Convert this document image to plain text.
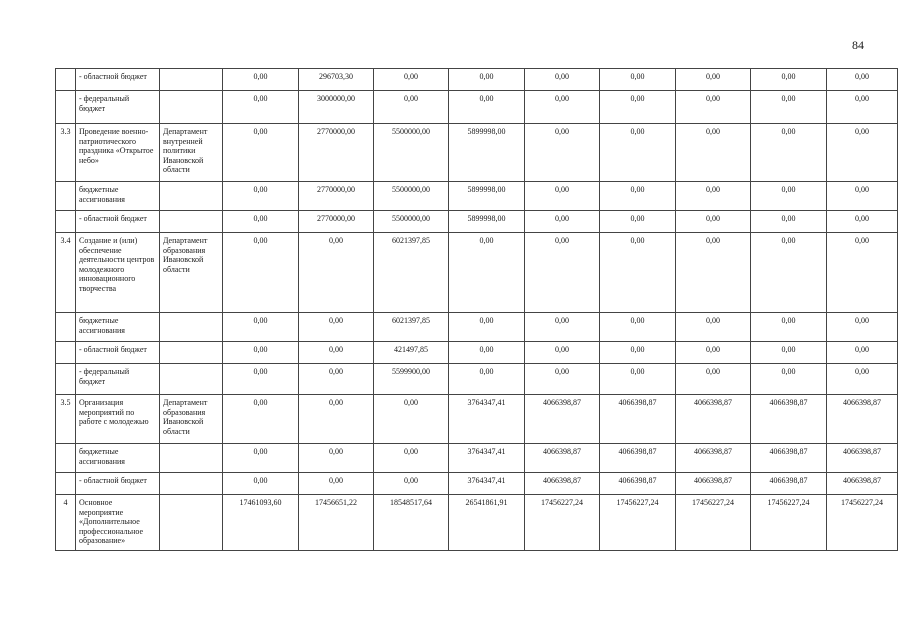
84
	- областной бюджет		0,00	296703,30	0,00	0,00	0,00	0,00	0,00	0,00	0,00
	- федеральный бюджет		0,00	3000000,00	0,00	0,00	0,00	0,00	0,00	0,00	0,00
3.3	Проведение военно-патриотического праздника «Открытое небо»	Департамент внутренней политики Ивановской области	0,00	2770000,00	5500000,00	5899998,00	0,00	0,00	0,00	0,00	0,00
	бюджетные ассигнования		0,00	2770000,00	5500000,00	5899998,00	0,00	0,00	0,00	0,00	0,00
	- областной бюджет		0,00	2770000,00	5500000,00	5899998,00	0,00	0,00	0,00	0,00	0,00
3.4	Создание и (или) обеспечение деятельности центров молодежного инновационного творчества	Департамент образования Ивановской области	0,00	0,00	6021397,85	0,00	0,00	0,00	0,00	0,00	0,00
	бюджетные ассигнования		0,00	0,00	6021397,85	0,00	0,00	0,00	0,00	0,00	0,00
	- областной бюджет		0,00	0,00	421497,85	0,00	0,00	0,00	0,00	0,00	0,00
	- федеральный бюджет		0,00	0,00	5599900,00	0,00	0,00	0,00	0,00	0,00	0,00
3.5	Организация мероприятий по работе с молодежью	Департамент образования Ивановской области	0,00	0,00	0,00	3764347,41	4066398,87	4066398,87	4066398,87	4066398,87	4066398,87
	бюджетные ассигнования		0,00	0,00	0,00	3764347,41	4066398,87	4066398,87	4066398,87	4066398,87	4066398,87
	- областной бюджет		0,00	0,00	0,00	3764347,41	4066398,87	4066398,87	4066398,87	4066398,87	4066398,87
4	Основное мероприятие «Дополнительное профессиональное образование»		17461093,60	17456651,22	18548517,64	26541861,91	17456227,24	17456227,24	17456227,24	17456227,24	17456227,24
